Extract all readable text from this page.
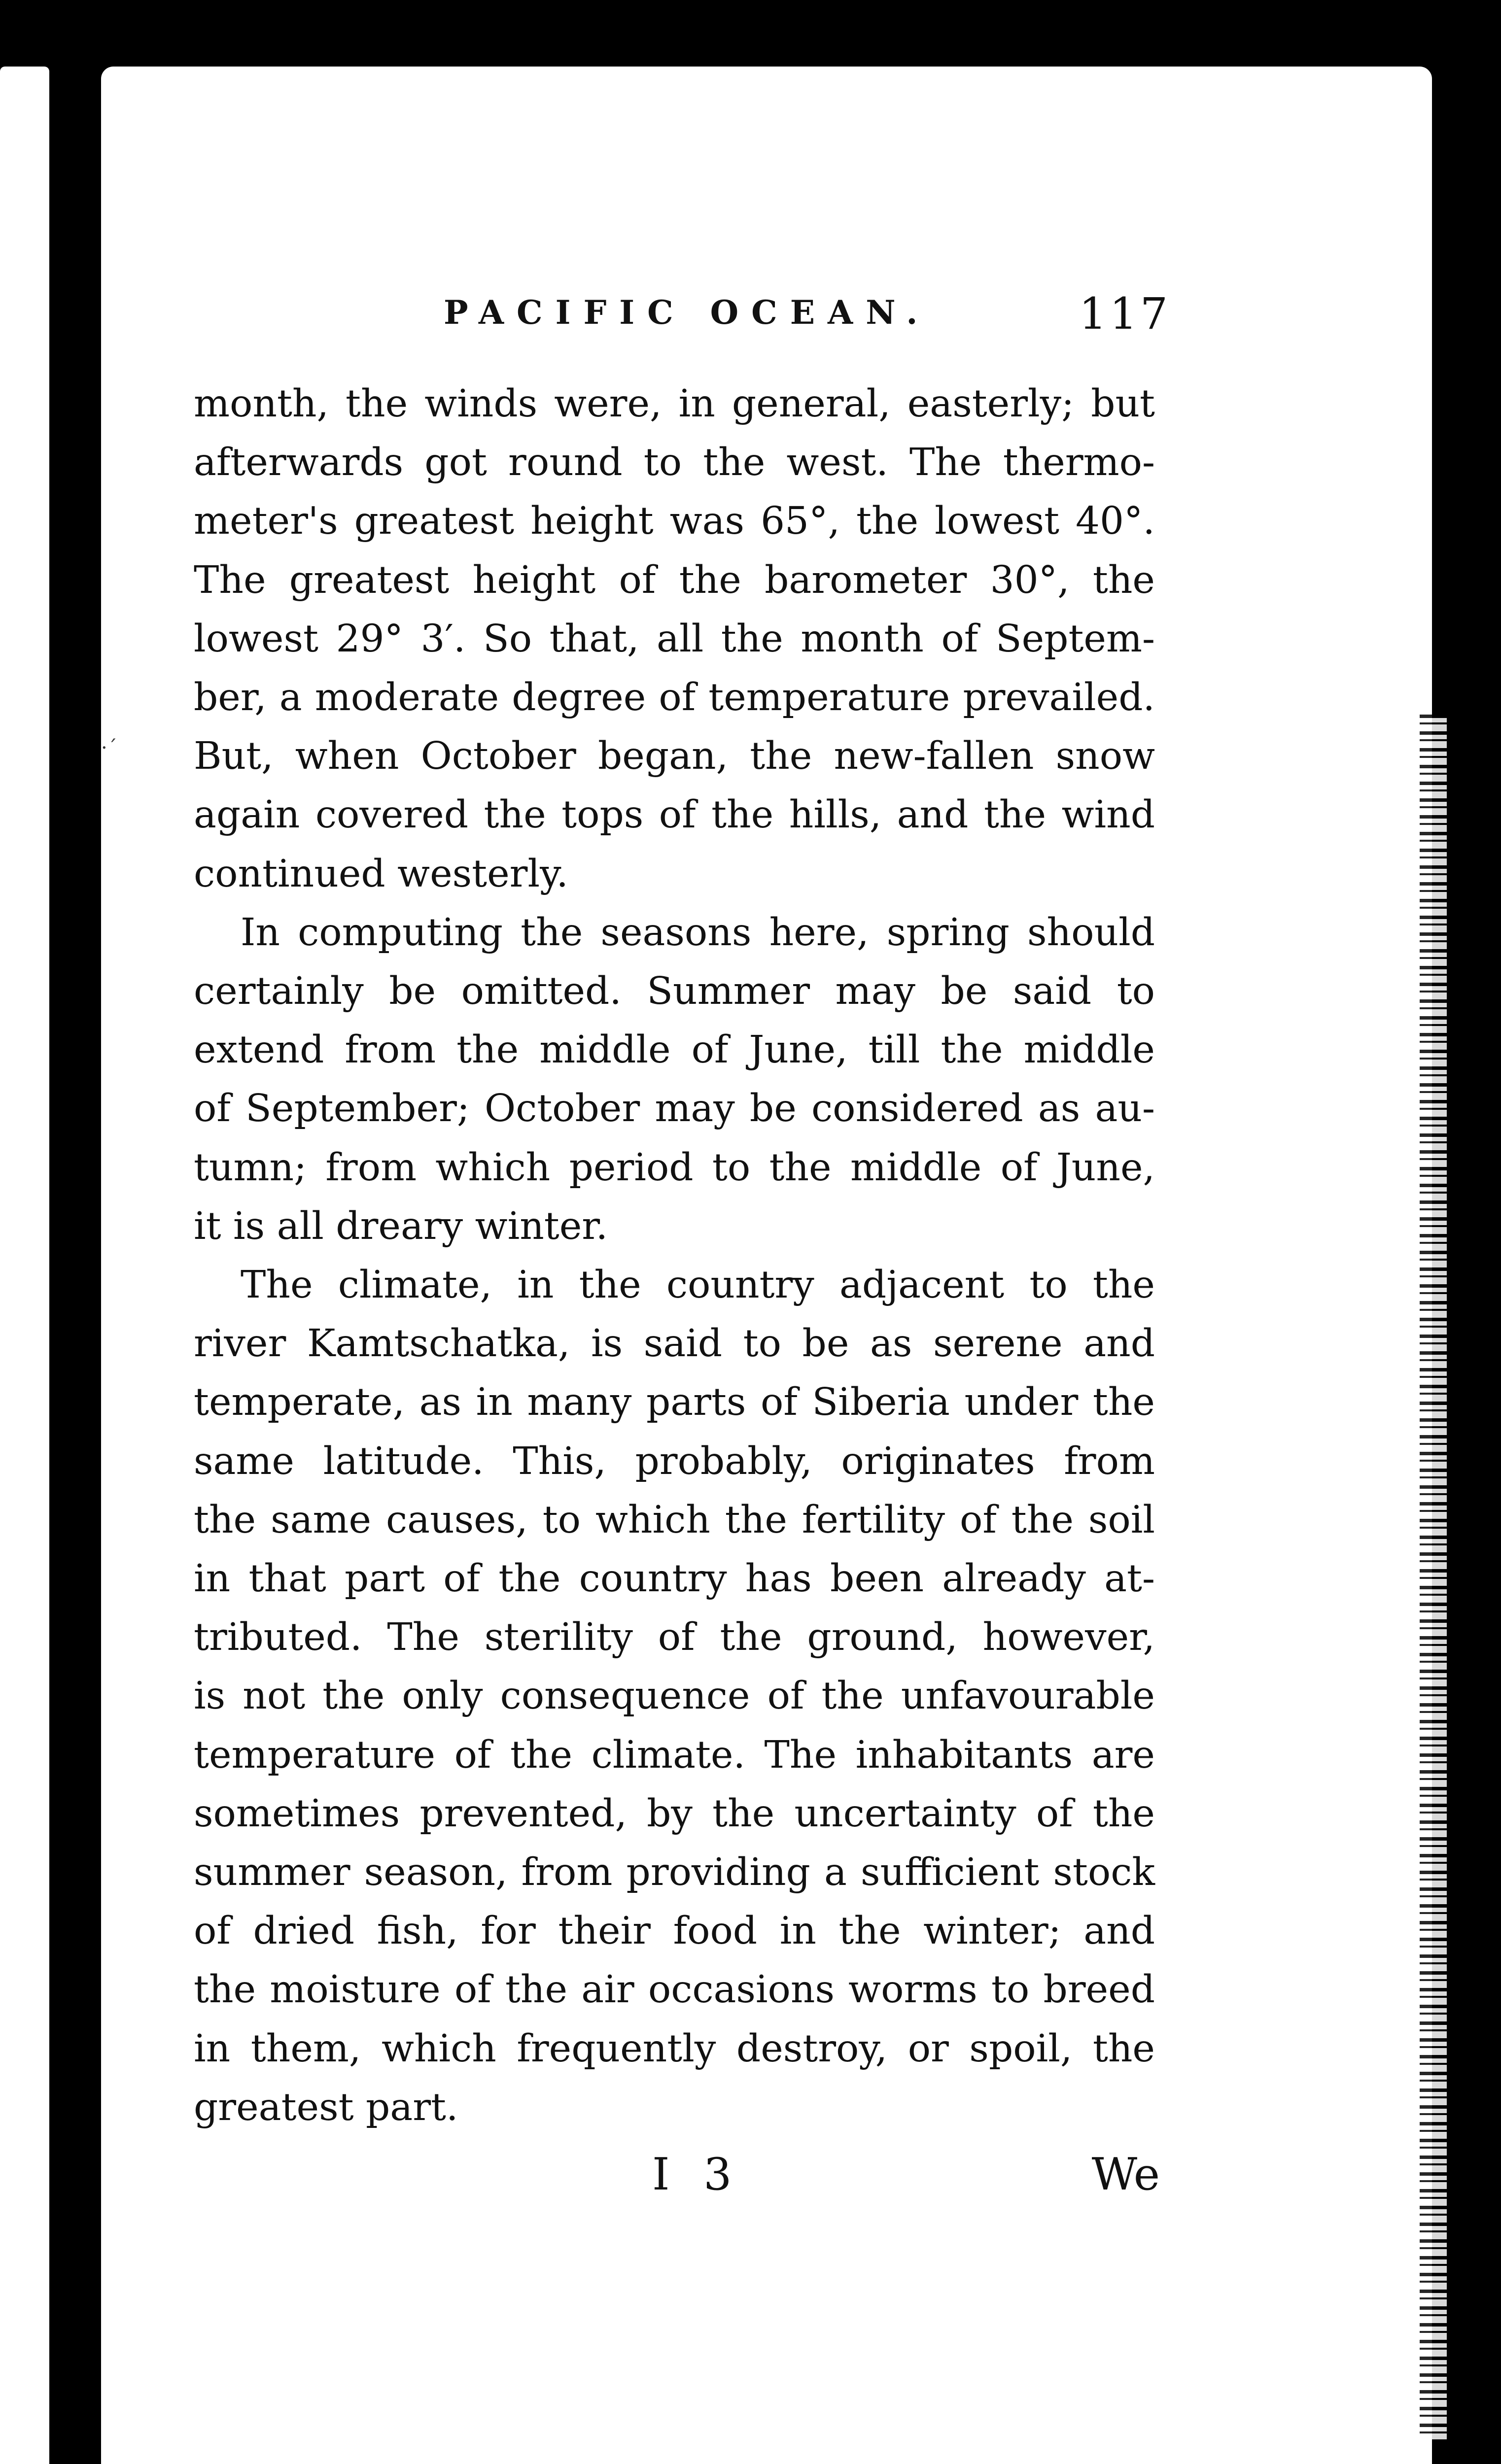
·´
PACIFIC OCEAN.	117

month, the winds were, in general, easterly; but
afterwards got round to the west. The thermo-
meter's greatest height was 65°, the lowest 40°.
The greatest height of the barometer 30°, the
lowest 29° 3′. So that, all the month of Septem-
ber, a moderate degree of temperature prevailed.
But, when October began, the new-fallen snow
again covered the tops of the hills, and the wind
continued westerly.

In computing the seasons here, spring should
certainly be omitted. Summer may be said to
extend from the middle of June, till the middle
of September; October may be considered as au-
tumn; from which period to the middle of June,
it is all dreary winter.

The climate, in the country adjacent to the
river Kamtschatka, is said to be as serene and
temperate, as in many parts of Siberia under the
same latitude. This, probably, originates from
the same causes, to which the fertility of the soil
in that part of the country has been already at-
tributed. The sterility of the ground, however,
is not the only consequence of the unfavourable
temperature of the climate. The inhabitants are
sometimes prevented, by the uncertainty of the
summer season, from providing a sufficient stock
of dried fish, for their food in the winter; and
the moisture of the air occasions worms to breed
in them, which frequently destroy, or spoil, the
greatest part.

I 3	We
